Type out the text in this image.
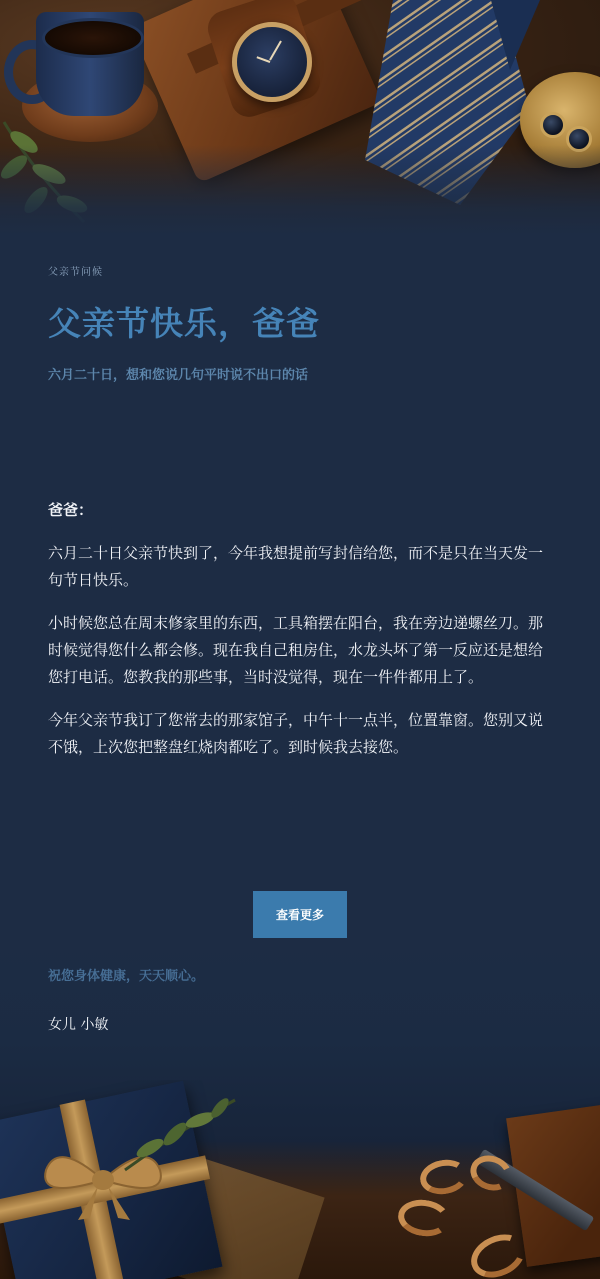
父亲节问候
父亲节快乐，爸爸
六月二十日，想和您说几句平时说不出口的话

爸爸：

六月二十日父亲节快到了，今年我想提前写封信给您，而不是只在当天发一句节日快乐。

小时候您总在周末修家里的东西，工具箱摆在阳台，我在旁边递螺丝刀。那时候觉得您什么都会修。现在我自己租房住，水龙头坏了第一反应还是想给您打电话。您教我的那些事，当时没觉得，现在一件件都用上了。

今年父亲节我订了您常去的那家馆子，中午十一点半，位置靠窗。您别又说不饿，上次您把整盘红烧肉都吃了。到时候我去接您。

查看更多
祝您身体健康，天天顺心。
女儿 小敏
